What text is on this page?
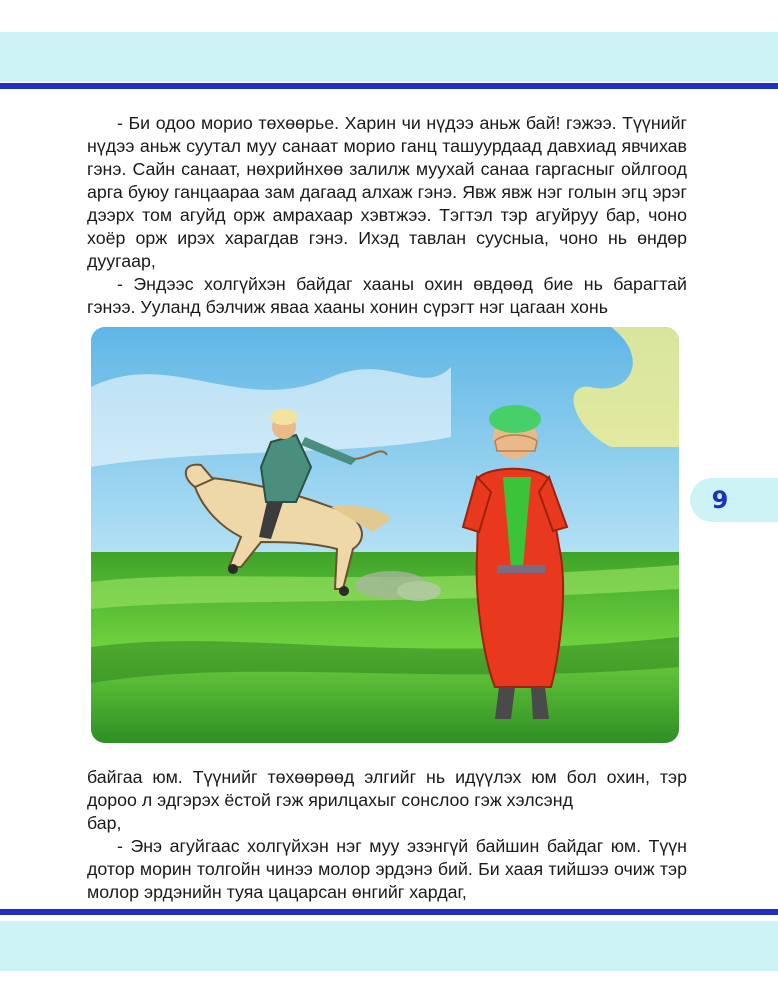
- Би одоо морио төхөөрье. Харин чи нүдээ аньж бай! гэжээ. Түүнийг нүдээ аньж суутал муу санаат морио ганц ташуурдаад давхиад явчихав гэнэ. Сайн санаат, нөхрийнхөө залилж муухай санаа гаргасныг ойлгоод арга буюу ганцаараа зам дагаад алхаж гэнэ. Явж явж нэг голын эгц эрэг дээрх том агуйд орж амрахаар хэвтжээ. Тэгтэл тэр агуйруу бар, чоно хоёр орж ирэх харагдав гэнэ. Ихэд тавлан суусныа, чоно нь өндөр дуугаар,

- Эндээс холгүйхэн байдаг хааны охин өвдөөд бие нь барагтай гэнээ. Ууланд бэлчиж яваа хааны хонин сүрэгт нэг цагаан хонь

байгаа юм. Түүнийг төхөөрөөд элгийг нь идүүлэх юм бол охин, тэр дороо л эдгэрэх ёстой гэж ярилцахыг сонслоо гэж хэлсэнд

бар,

- Энэ агуйгаас холгүйхэн нэг муу эзэнгүй байшин байдаг юм. Түүн дотор морин толгойн чинээ молор эрдэнэ бий. Би хаая тийшээ очиж тэр молор эрдэнийн туяа цацарсан өнгийг хардаг,

9
